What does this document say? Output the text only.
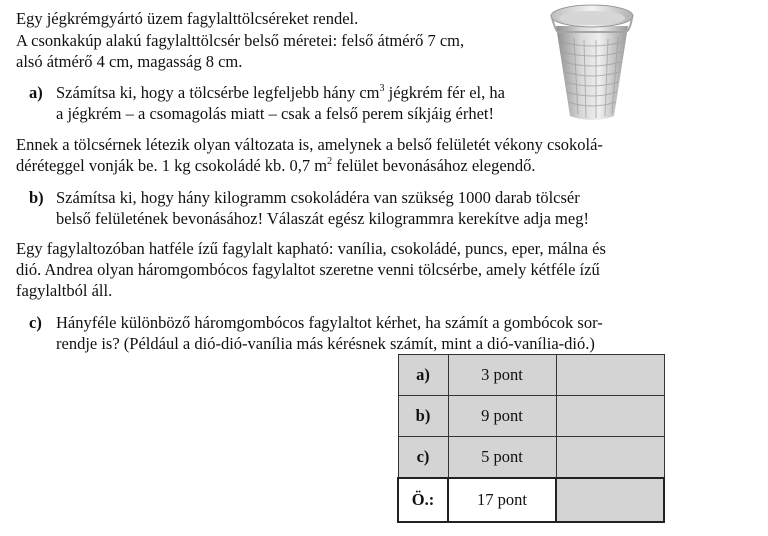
Egy jégkrémgyártó üzem fagylalttölcséreket rendel.
A csonkakúp alakú fagylalttölcsér belső méretei: felső átmérő 7 cm,
alsó átmérő 4 cm, magasság 8 cm.
a) Számítsa ki, hogy a tölcsérbe legfeljebb hány $cm^3$ jégkrém fér el, ha
a jégkrém – a csomagolás miatt – csak a felső perem síkjáig érhet!
Ennek a tölcsérnek létezik olyan változata is, amelynek a belső felületét vékony csokolá-
déréteggel vonják be. 1 kg csokoládé kb. 0,7 $m^2$ felület bevonásához elegendő.
b) Számítsa ki, hogy hány kilogramm csokoládéra van szükség 1000 darab tölcsér
belső felületének bevonásához! Válaszát egész kilogrammra kerekítve adja meg!
Egy fagylaltozóban hatféle ízű fagylalt kapható: vanília, csokoládé, puncs, eper, málna és
dió. Andrea olyan háromgombócos fagylaltot szeretne venni tölcsérbe, amely kétféle ízű
fagylaltból áll.
c) Hányféle különböző háromgombócos fagylaltot kérhet, ha számít a gombócok sor-
rendje is? (Például a dió-dió-vanília más kérésnek számít, mint a dió-vanília-dió.)
a)	3 pont	
b)	9 pont	
c)	5 pont	
Ö.:	17 pont	
